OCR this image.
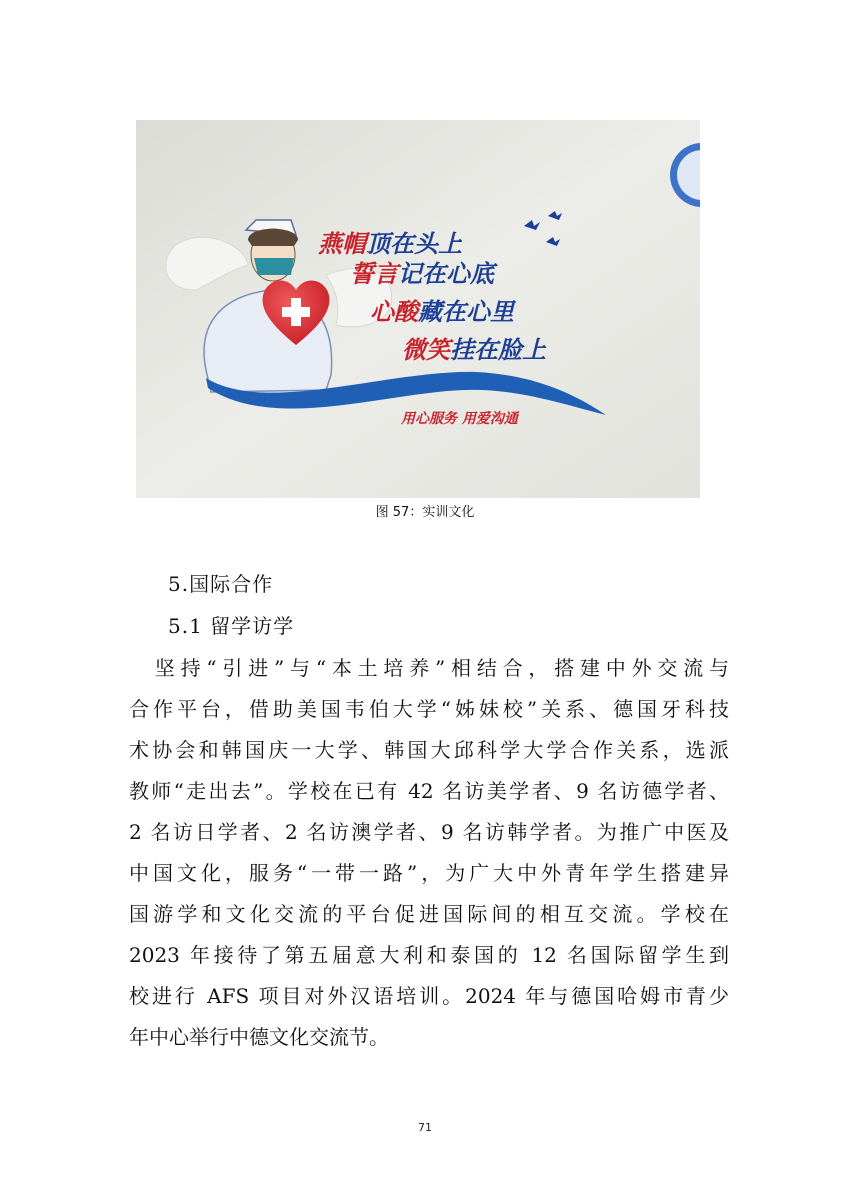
燕帽顶在头上
誓言记在心底
心酸藏在心里
微笑挂在脸上
用心服务 用爱沟通
图 57：实训文化
5.国际合作
5.1 留学访学
　坚持“引进”与“本土培养”相结合，搭建中外交流与
合作平台，借助美国韦伯大学“姊妹校”关系、德国牙科技
术协会和韩国庆一大学、韩国大邱科学大学合作关系，选派
教师“走出去”。学校在已有 42 名访美学者、9 名访德学者、
2 名访日学者、2 名访澳学者、9 名访韩学者。为推广中医及
中国文化，服务“一带一路”，为广大中外青年学生搭建异
国游学和文化交流的平台促进国际间的相互交流。学校在
2023 年接待了第五届意大利和泰国的 12 名国际留学生到
校进行 AFS 项目对外汉语培训。2024 年与德国哈姆市青少
年中心举行中德文化交流节。
71
